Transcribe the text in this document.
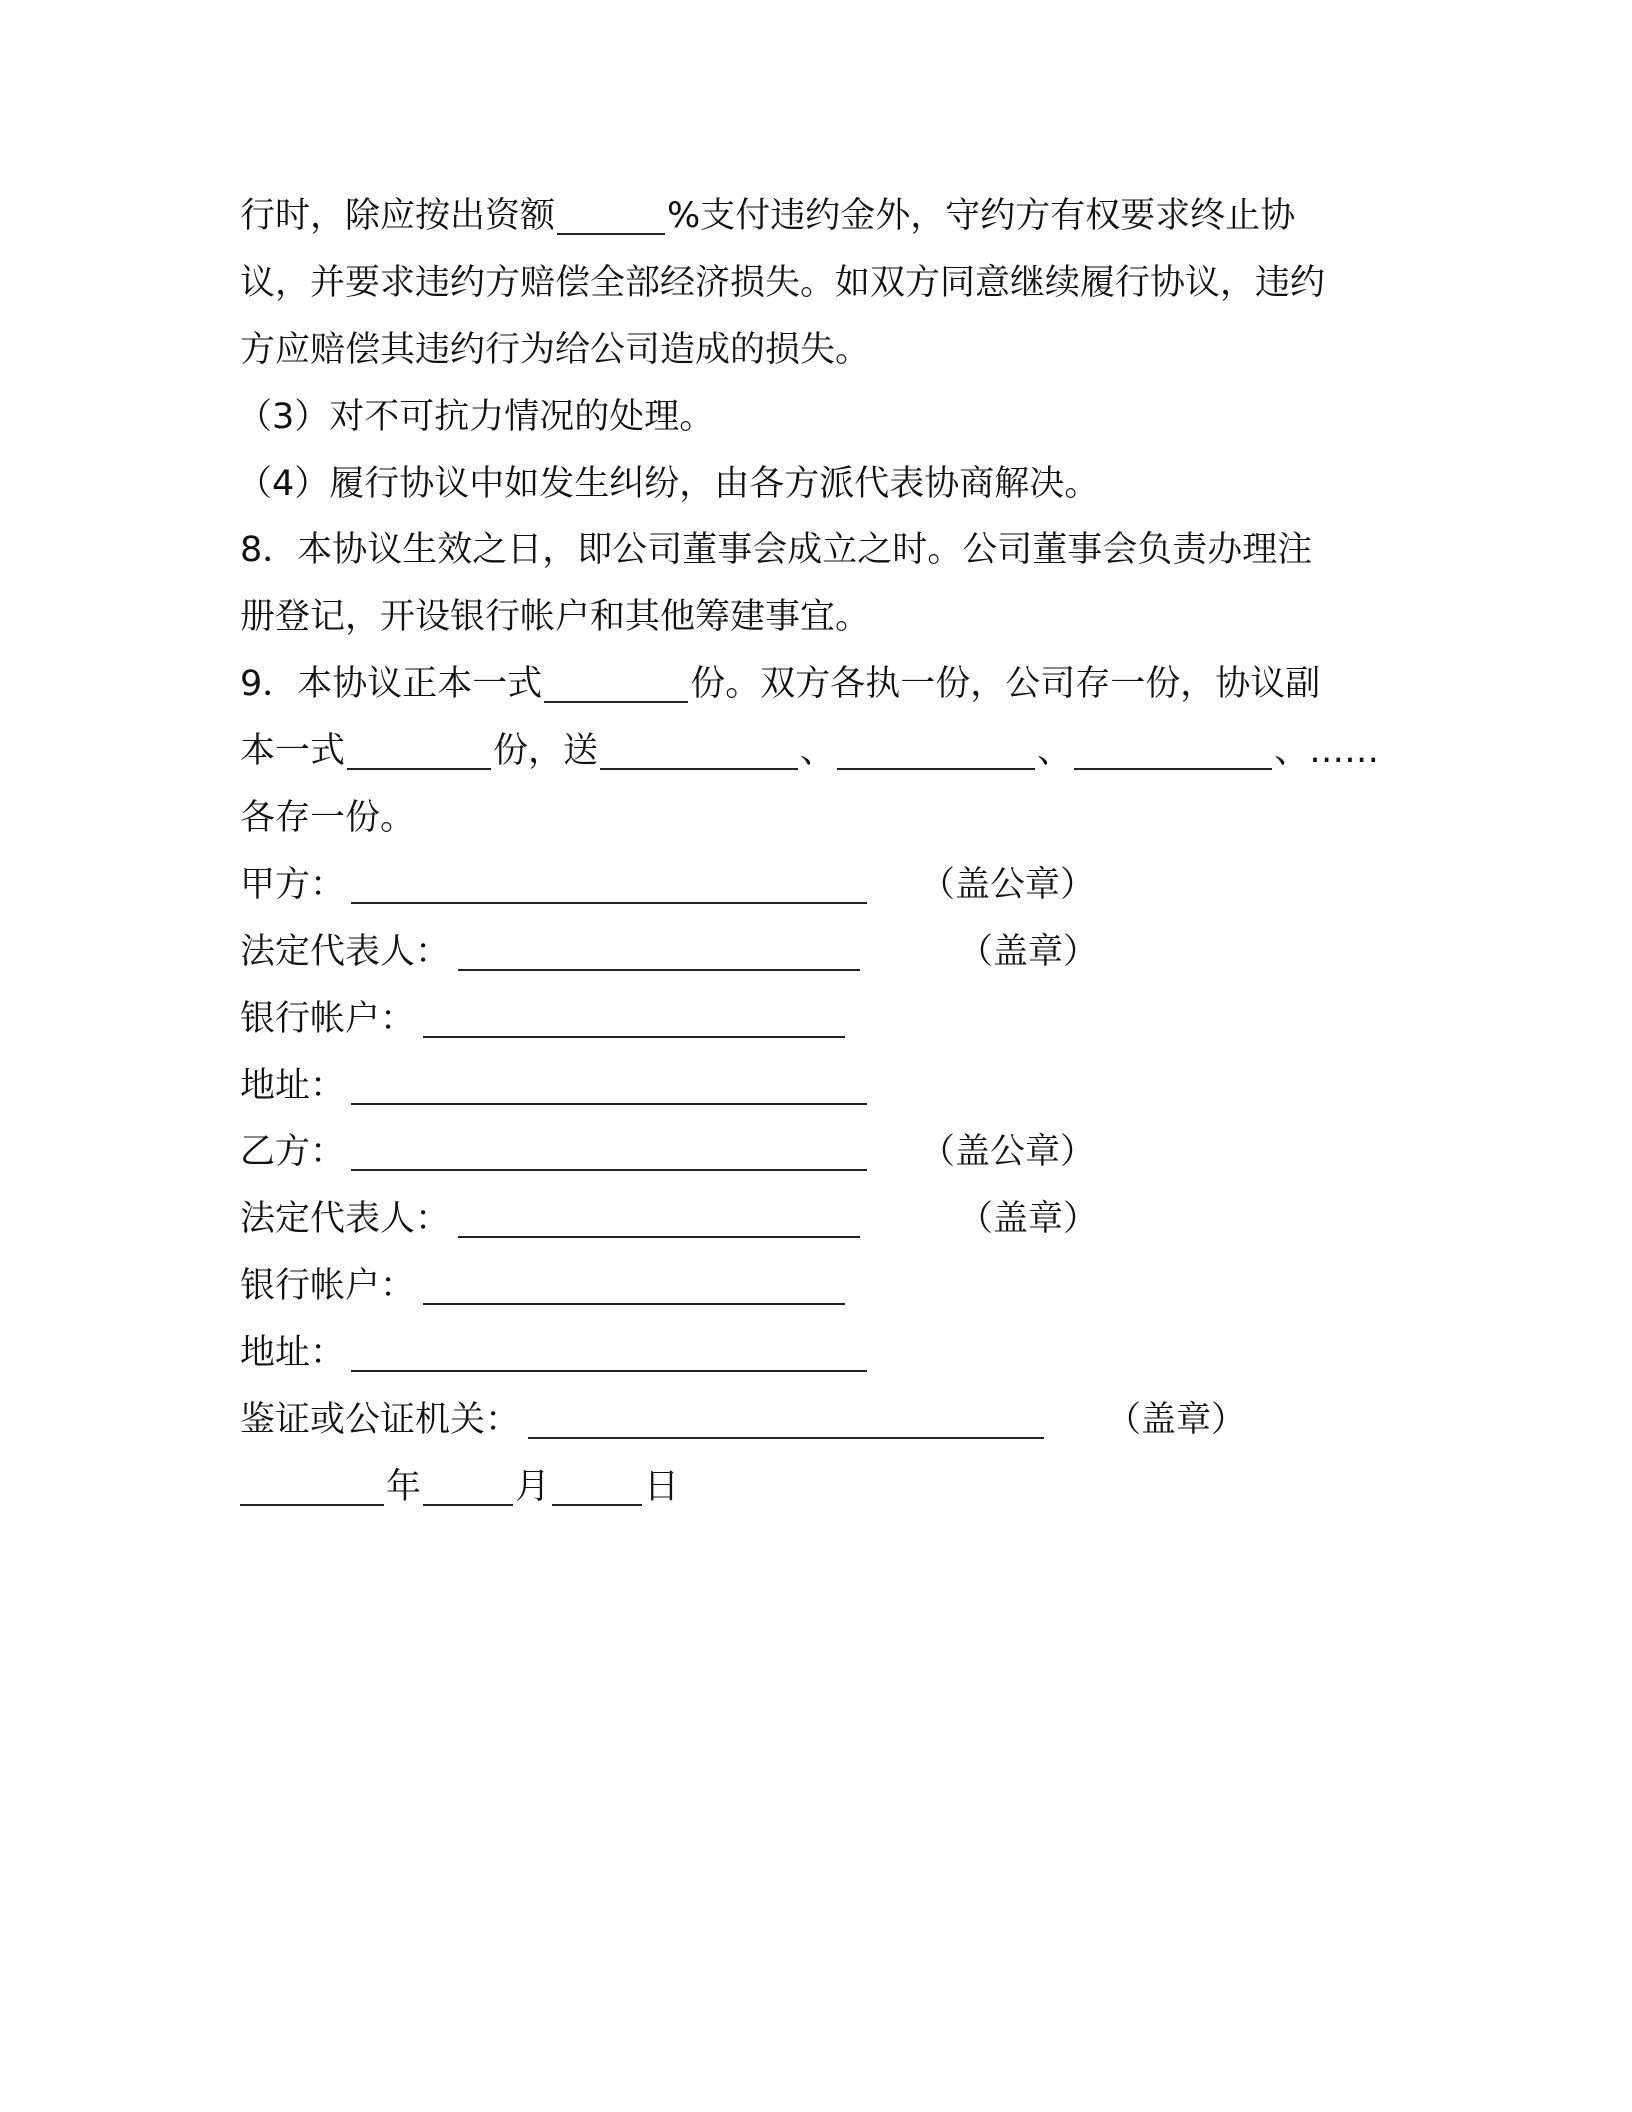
行时，除应按出资额	%支付违约金外，守约方有权要求终止协
议，并要求违约方赔偿全部经济损失。如双方同意继续履行协议，违约
方应赔偿其违约行为给公司造成的损失。
（3）对不可抗力情况的处理。
（4）履行协议中如发生纠纷，由各方派代表协商解决。
8．本协议生效之日，即公司董事会成立之时。公司董事会负责办理注
册登记，开设银行帐户和其他筹建事宜。
9．本协议正本一式	份。双方各执一份，公司存一份，协议副
本一式	份，送	、	、	、……
各存一份。
甲方：	（盖公章）
法定代表人：	（盖章）
银行帐户：
地址：
乙方：	（盖公章）
法定代表人：	（盖章）
银行帐户：
地址：
鉴证或公证机关：	（盖章）
年	月	日
